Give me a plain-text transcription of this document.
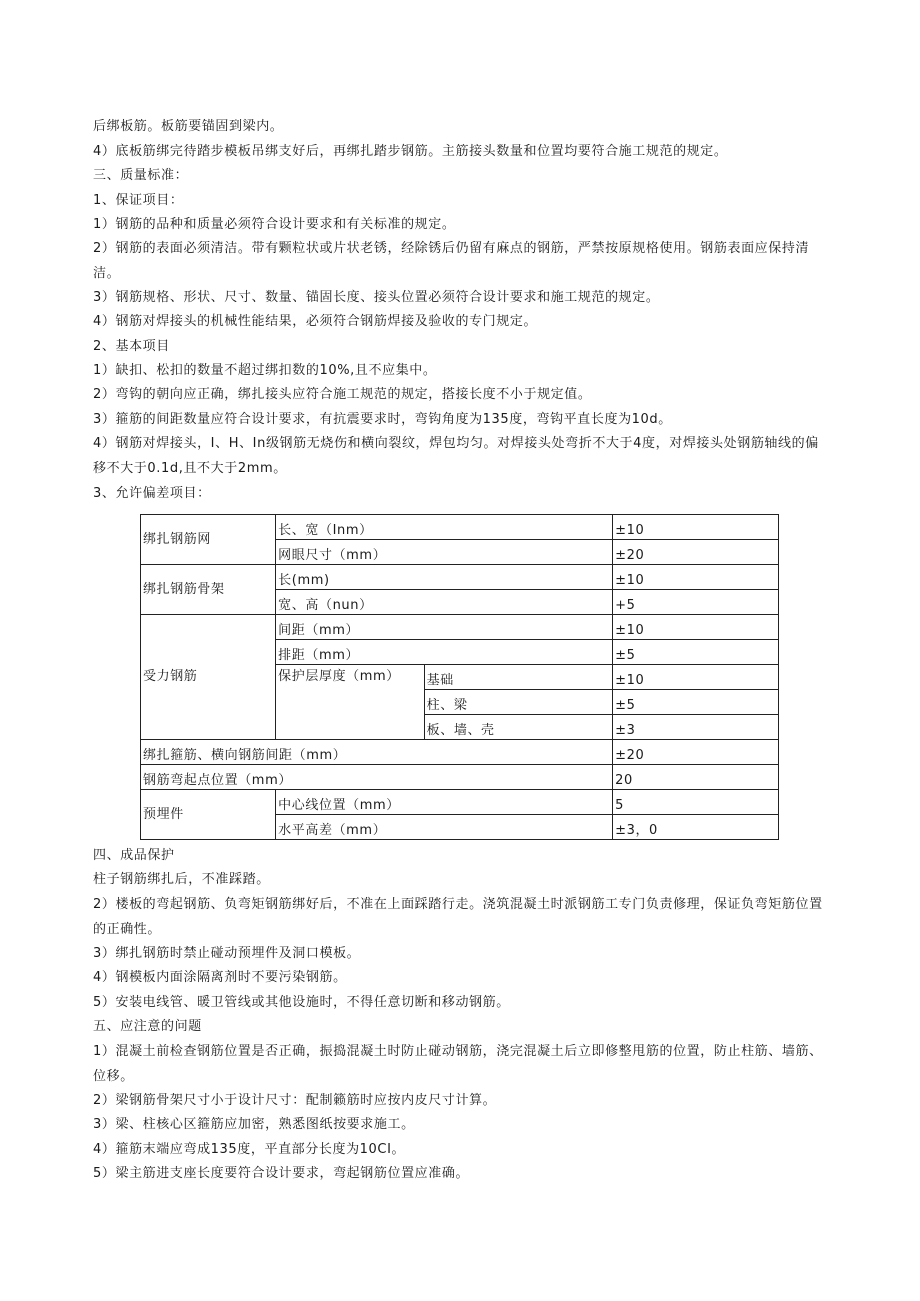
后绑板筋。板筋要锚固到梁内。
4）底板筋绑完待踏步模板吊绑支好后，再绑扎踏步钢筋。主筋接头数量和位置均要符合施工规范的规定。
三、质量标准：
1、保证项目：
1）钢筋的品种和质量必须符合设计要求和有关标准的规定。
2）钢筋的表面必须清洁。带有颗粒状或片状老锈，经除锈后仍留有麻点的钢筋，严禁按原规格使用。钢筋表面应保持清洁。
3）钢筋规格、形状、尺寸、数量、锚固长度、接头位置必须符合设计要求和施工规范的规定。
4）钢筋对焊接头的机械性能结果，必须符合钢筋焊接及验收的专门规定。
2、基本项目
1）缺扣、松扣的数量不超过绑扣数的10%,且不应集中。
2）弯钩的朝向应正确，绑扎接头应符合施工规范的规定，搭接长度不小于规定值。
3）箍筋的间距数量应符合设计要求，有抗震要求时，弯钩角度为135度，弯钩平直长度为10d。
4）钢筋对焊接头，I、H、In级钢筋无烧伤和横向裂纹，焊包均匀。对焊接头处弯折不大于4度，对焊接头处钢筋轴线的偏移不大于0.1d,且不大于2mm。
3、允许偏差项目：
绑扎钢筋网	长、宽（Inm）		±10
	网眼尺寸（mm）		±20
绑扎钢筋骨架	长(mm)		±10
	宽、高（nun）		+5
受力钢筋	间距（mm）		±10
	排距（mm）		±5
	保护层厚度（mm）	基础	±10
		柱、梁	±5
		板、墙、壳	±3
绑扎箍筋、横向钢筋间距（mm）			±20
钢筋弯起点位置（mm）			20
预埋件	中心线位置（mm）		5
	水平高差（mm）		±3，0
四、成品保护
柱子钢筋绑扎后，不准踩踏。
2）楼板的弯起钢筋、负弯矩钢筋绑好后，不准在上面踩踏行走。浇筑混凝土时派钢筋工专门负责修理，保证负弯矩筋位置的正确性。
3）绑扎钢筋时禁止碰动预埋件及洞口模板。
4）钢模板内面涂隔离剂时不要污染钢筋。
5）安装电线管、暖卫管线或其他设施时，不得任意切断和移动钢筋。
五、应注意的问题
1）混凝土前检查钢筋位置是否正确，振捣混凝土时防止碰动钢筋，浇完混凝土后立即修整甩筋的位置，防止柱筋、墙筋、位移。
2）梁钢筋骨架尺寸小于设计尺寸：配制籁筋时应按内皮尺寸计算。
3）梁、柱核心区箍筋应加密，熟悉图纸按要求施工。
4）箍筋末端应弯成135度，平直部分长度为10CI。
5）梁主筋进支座长度要符合设计要求，弯起钢筋位置应准确。
